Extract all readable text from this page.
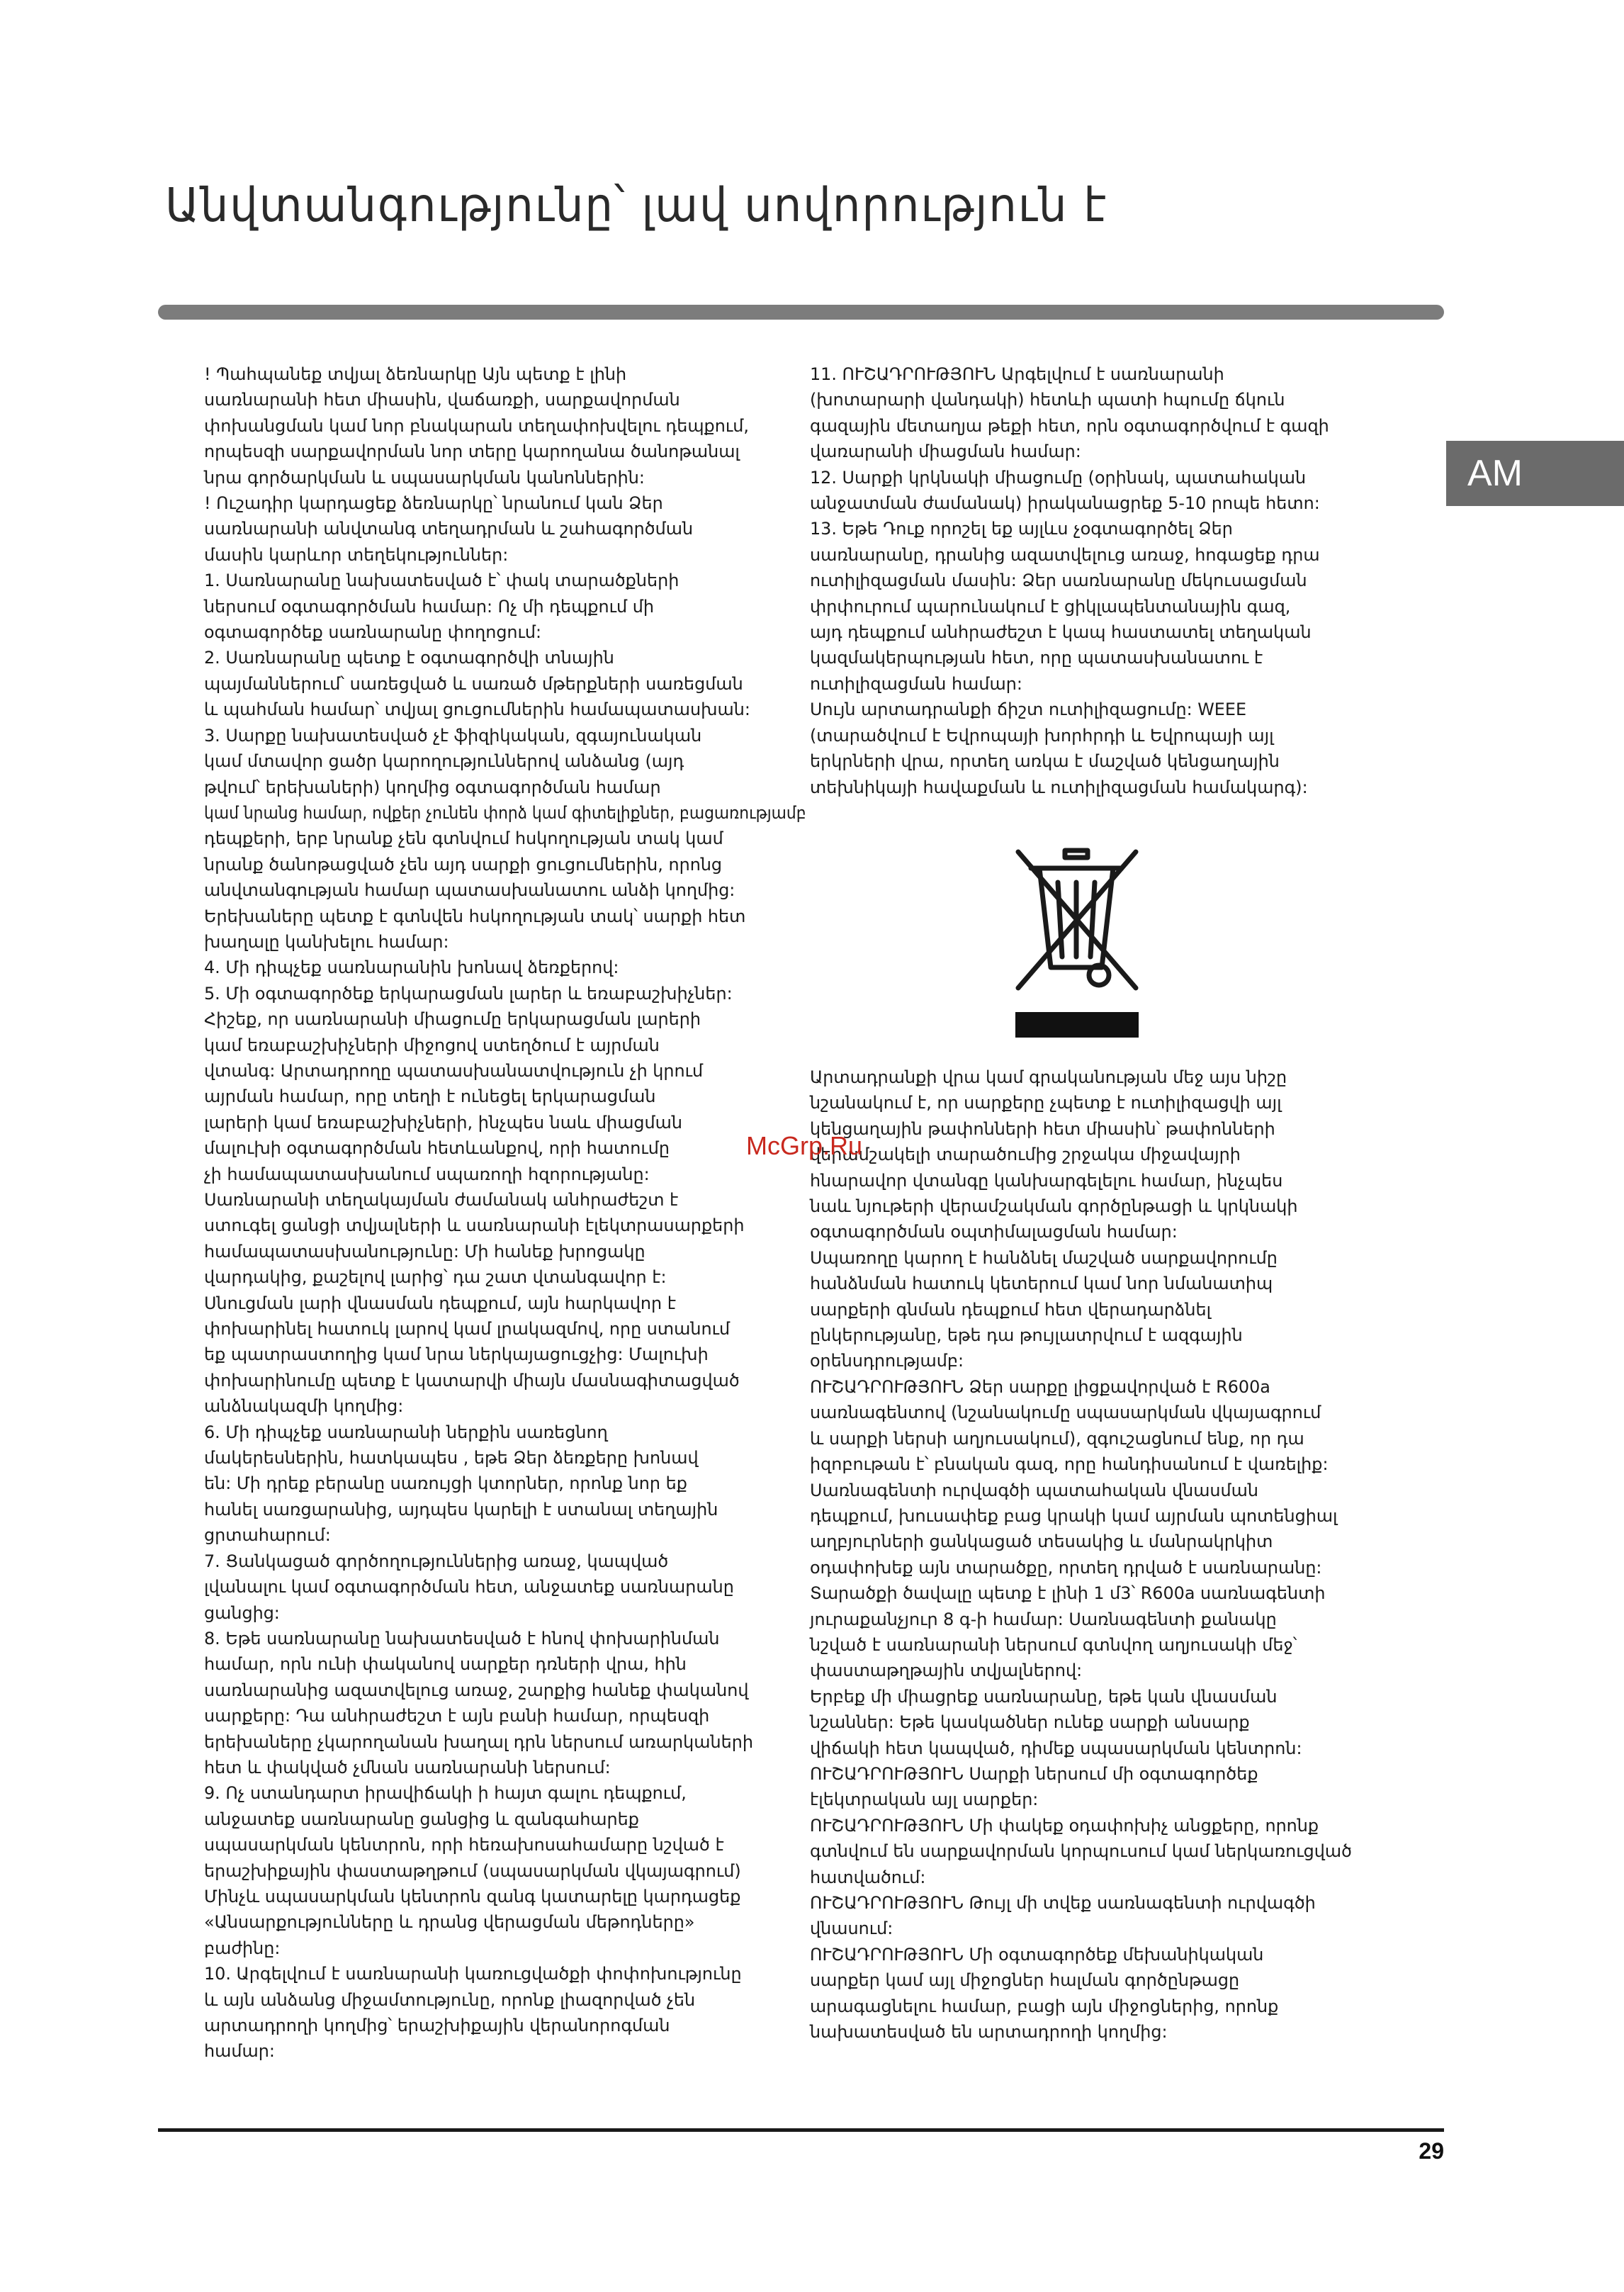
Անվտանգությունը՝ լավ սովորություն է
AM

! Պահպանեք տվյալ ձեռնարկը Այն պետք է լինի

սառնարանի հետ միասին, վաճառքի, սարքավորման

փոխանցման կամ նոր բնակարան տեղափոխվելու դեպքում,

որպեսզի սարքավորման նոր տերը կարողանա ծանոթանալ

նրա գործարկման և սպասարկման կանոններին:

! Ուշադիր կարդացեք ձեռնարկը՝ նրանում կան Ձեր

սառնարանի անվտանգ տեղադրման և շահագործման

մասին կարևոր տեղեկություններ:

1. Սառնարանը նախատեսված է՝ փակ տարածքների

ներսում օգտագործման համար: Ոչ մի դեպքում մի

օգտագործեք սառնարանը փողոցում:

2. Սառնարանը պետք է օգտագործվի տնային

պայմաններում՝ սառեցված և սառած մթերքների սառեցման

և պահման համար՝ տվյալ ցուցումներին համապատասխան:

3. Սարքը նախատեսված չէ ֆիզիկական, զգայունական

կամ մտավոր ցածր կարողություններով անձանց (այդ

թվում՝ երեխաների) կողմից օգտագործման համար

կամ նրանց համար, ովքեր չունեն փորձ կամ գիտելիքներ, բացառությամբ

դեպքերի, երբ նրանք չեն գտնվում հսկողության տակ կամ

նրանք ծանոթացված չեն այդ սարքի ցուցումներին, որոնց

անվտանգության համար պատասխանատու անձի կողմից:

Երեխաները պետք է գտնվեն հսկողության տակ՝ սարքի հետ

խաղալը կանխելու համար:

4. Մի դիպչեք սառնարանին խոնավ ձեռքերով:

5. Մի օգտագործեք երկարացման լարեր և եռաբաշխիչներ:

Հիշեք, որ սառնարանի միացումը երկարացման լարերի

կամ եռաբաշխիչների միջոցով ստեղծում է այրման

վտանգ: Արտադրողը պատասխանատվություն չի կրում

այրման համար, որը տեղի է ունեցել երկարացման

լարերի կամ եռաբաշխիչների, ինչպես նաև միացման

մալուխի օգտագործման հետևանքով, որի հատումը

չի համապատասխանում սպառողի հզորությանը:

Սառնարանի տեղակայման ժամանակ անհրաժեշտ է

ստուգել ցանցի տվյալների և սառնարանի էլեկտրասարքերի

համապատասխանությունը: Մի հանեք խրոցակը

վարդակից, քաշելով լարից՝ դա շատ վտանգավոր է:

Սնուցման լարի վնասման դեպքում, այն հարկավոր է

փոխարինել հատուկ լարով կամ լրակազմով, որը ստանում

եք պատրաստողից կամ նրա ներկայացուցչից: Մալուխի

փոխարինումը պետք է կատարվի միայն մասնագիտացված

անձնակազմի կողմից:

6. Մի դիպչեք սառնարանի ներքին սառեցնող

մակերեսներին, հատկապես , եթե Ձեր ձեռքերը խոնավ

են: Մի դրեք բերանը սառույցի կտորներ, որոնք նոր եք

հանել սառցարանից, այդպես կարելի է ստանալ տեղային

ցրտահարում:

7. Ցանկացած գործողություններից առաջ, կապված

լվանալու կամ օգտագործման հետ, անջատեք սառնարանը

ցանցից:

8. Եթե սառնարանը նախատեսված է հնով փոխարինման

համար, որն ունի փականով սարքեր դռների վրա, հին

սառնարանից ազատվելուց առաջ, շարքից հանեք փականով

սարքերը: Դա անհրաժեշտ է այն բանի համար, որպեսզի

երեխաները չկարողանան խաղալ դրն ներսում առարկաների

հետ և փակված չմնան սառնարանի ներսում:

9. Ոչ ստանդարտ իրավիճակի ի հայտ գալու դեպքում,

անջատեք սառնարանը ցանցից և զանգահարեք

սպասարկման կենտրոն, որի հեռախոսահամարը նշված է

երաշխիքային փաստաթղթում (սպասարկման վկայագրում)

Մինչև սպասարկման կենտրոն զանգ կատարելը կարդացեք

«Անսարքությունները և դրանց վերացման մեթոդները»

բաժինը:

10. Արգելվում է սառնարանի կառուցվածքի փոփոխությունը

և այն անձանց միջամտությունը, որոնք լիազորված չեն

արտադրողի կողմից՝ երաշխիքային վերանորոգման

համար:

11. ՈՒՇԱԴՐՈՒԹՅՈՒՆ Արգելվում է սառնարանի

(խոտարարի վանդակի) հետևի պատի հպումը ճկուն

գազային մետաղյա թեքի հետ, որն օգտագործվում է գազի

վառարանի միացման համար:

12. Սարքի կրկնակի միացումը (օրինակ, պատահական

անջատման ժամանակ) իրականացրեք 5-10 րոպե հետո:

13. Եթե Դուք որոշել եք այլևս չօգտագործել Ձեր

սառնարանը, դրանից ազատվելուց առաջ, հոգացեք դրա

ուտիլիզացման մասին: Ձեր սառնարանը մեկուսացման

փրփուրում պարունակում է ցիկլապենտանային գազ,

այդ դեպքում անհրաժեշտ է կապ հաստատել տեղական

կազմակերպության հետ, որը պատասխանատու է

ուտիլիզացման համար:

Սույն արտադրանքի ճիշտ ուտիլիզացումը: WEEE

(տարածվում է Եվրոպայի խորհրդի և Եվրոպայի այլ

երկրների վրա, որտեղ առկա է մաշված կենցաղային

տեխնիկայի հավաքման և ուտիլիզացման համակարգ):

Արտադրանքի վրա կամ գրականության մեջ այս նիշը

նշանակում է, որ սարքերը չպետք է ուտիլիզացվի այլ

կենցաղային թափոնների հետ միասին՝ թափոնների

վերամշակելի տարածումից շրջակա միջավայրի

հնարավոր վտանգը կանխարգելելու համար, ինչպես

նաև նյութերի վերամշակման գործընթացի և կրկնակի

օգտագործման օպտիմալացման համար:

Սպառողը կարող է հանձնել մաշված սարքավորումը

հանձնման հատուկ կետերում կամ նոր նմանատիպ

սարքերի գնման դեպքում հետ վերադարձնել

ընկերությանը, եթե դա թույլատրվում է ազգային

օրենսդրությամբ:

ՈՒՇԱԴՐՈՒԹՅՈՒՆ Ձեր սարքը լիցքավորված է R600a

սառնագենտով (նշանակումը սպասարկման վկայագրում

և սարքի ներսի աղյուսակում), զգուշացնում ենք, որ դա

իզոբութան է՝ բնական գազ, որը հանդիսանում է վառելիք:

Սառնագենտի ուրվագծի պատահական վնասման

դեպքում, խուսափեք բաց կրակի կամ այրման պոտենցիալ

աղբյուրների ցանկացած տեսակից և մանրակրկիտ

օդափոխեք այն տարածքը, որտեղ դրված է սառնարանը:

Տարածքի ծավալը պետք է լինի 1 մ3՝ R600a սառնագենտի

յուրաքանչյուր 8 գ-ի համար: Սառնագենտի քանակը

նշված է սառնարանի ներսում գտնվող աղյուսակի մեջ՝

փաստաթղթային տվյալներով:

Երբեք մի միացրեք սառնարանը, եթե կան վնասման

նշաններ: Եթե կասկածներ ունեք սարքի անսարք

վիճակի հետ կապված, դիմեք սպասարկման կենտրոն:

ՈՒՇԱԴՐՈՒԹՅՈՒՆ Սարքի ներսում մի օգտագործեք

էլեկտրական այլ սարքեր:

ՈՒՇԱԴՐՈՒԹՅՈՒՆ Մի փակեք օդափոխիչ անցքերը, որոնք

գտնվում են սարքավորման կորպուսում կամ ներկառուցված

հատվածում:

ՈՒՇԱԴՐՈՒԹՅՈՒՆ Թույլ մի տվեք սառնագենտի ուրվագծի

վնասում:

ՈՒՇԱԴՐՈՒԹՅՈՒՆ Մի օգտագործեք մեխանիկական

սարքեր կամ այլ միջոցներ հալման գործընթացը

արագացնելու համար, բացի այն միջոցներից, որոնք

նախատեսված են արտադրողի կողմից:

McGrp.Ru
29
